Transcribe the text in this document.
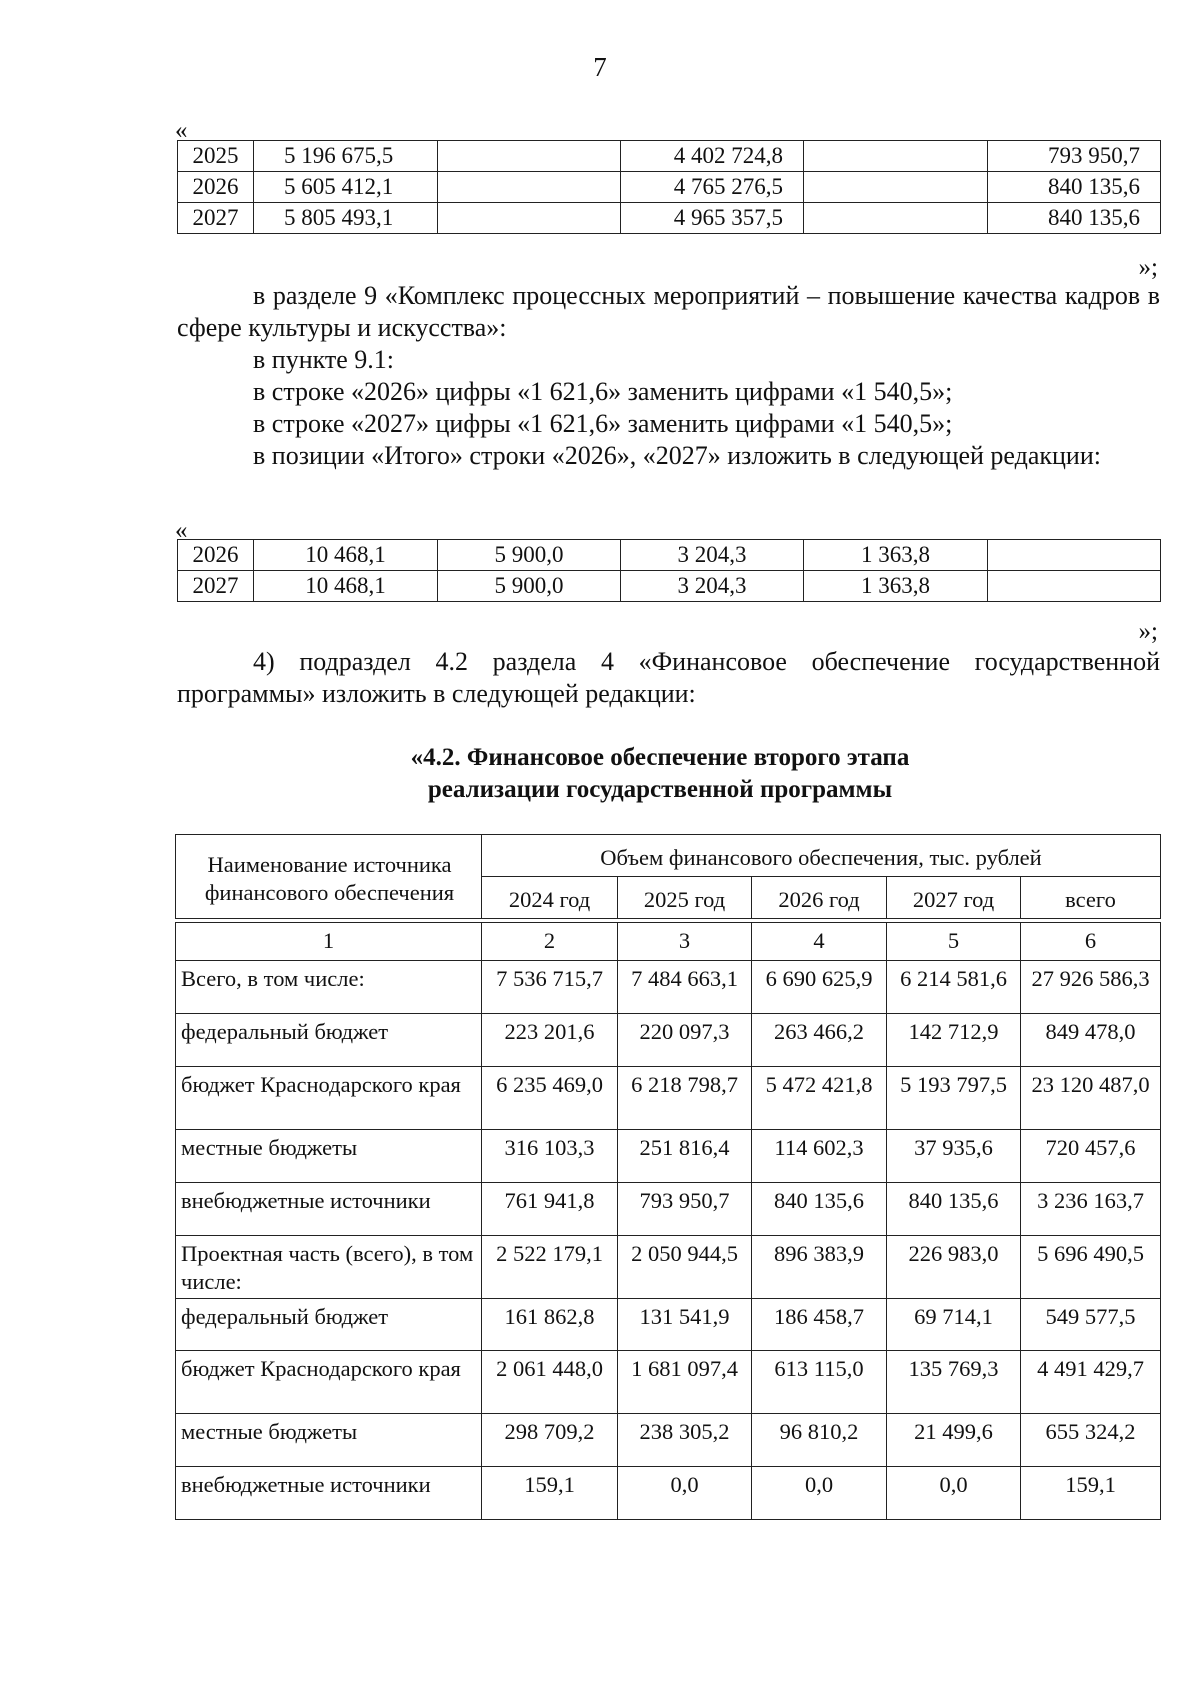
7
«
2025	5 196 675,5		4 402 724,8		793 950,7
2026	5 605 412,1		4 765 276,5		840 135,6
2027	5 805 493,1		4 965 357,5		840 135,6
»;
в разделе 9 «Комплекс процессных мероприятий – повышение качества кадров в сфере культуры и искусства»:
в пункте 9.1:
в строке «2026» цифры «1 621,6» заменить цифрами «1 540,5»;
в строке «2027» цифры «1 621,6» заменить цифрами «1 540,5»;
в позиции «Итого» строки «2026», «2027» изложить в следующей редакции:
«
2026	10 468,1	5 900,0	3 204,3	1 363,8	
2027	10 468,1	5 900,0	3 204,3	1 363,8	
»;
4) подраздел 4.2 раздела 4 «Финансовое обеспечение государственной программы» изложить в следующей редакции:
«4.2. Финансовое обеспечение второго этапа
реализации государственной программы
Наименование источника финансового обеспечения	Объем финансового обеспечения, тыс. рублей				
	2024 год	2025 год	2026 год	2027 год	всего

1	2	3	4	5	6
Всего, в том числе:	7 536 715,7	7 484 663,1	6 690 625,9	6 214 581,6	27 926 586,3
федеральный бюджет	223 201,6	220 097,3	263 466,2	142 712,9	849 478,0
бюджет Краснодарского края	6 235 469,0	6 218 798,7	5 472 421,8	5 193 797,5	23 120 487,0
местные бюджеты	316 103,3	251 816,4	114 602,3	37 935,6	720 457,6
внебюджетные источники	761 941,8	793 950,7	840 135,6	840 135,6	3 236 163,7
Проектная часть (всего), в том числе:	2 522 179,1	2 050 944,5	896 383,9	226 983,0	5 696 490,5
федеральный бюджет	161 862,8	131 541,9	186 458,7	69 714,1	549 577,5
бюджет Краснодарского края	2 061 448,0	1 681 097,4	613 115,0	135 769,3	4 491 429,7
местные бюджеты	298 709,2	238 305,2	96 810,2	21 499,6	655 324,2
внебюджетные источники	159,1	0,0	0,0	0,0	159,1
